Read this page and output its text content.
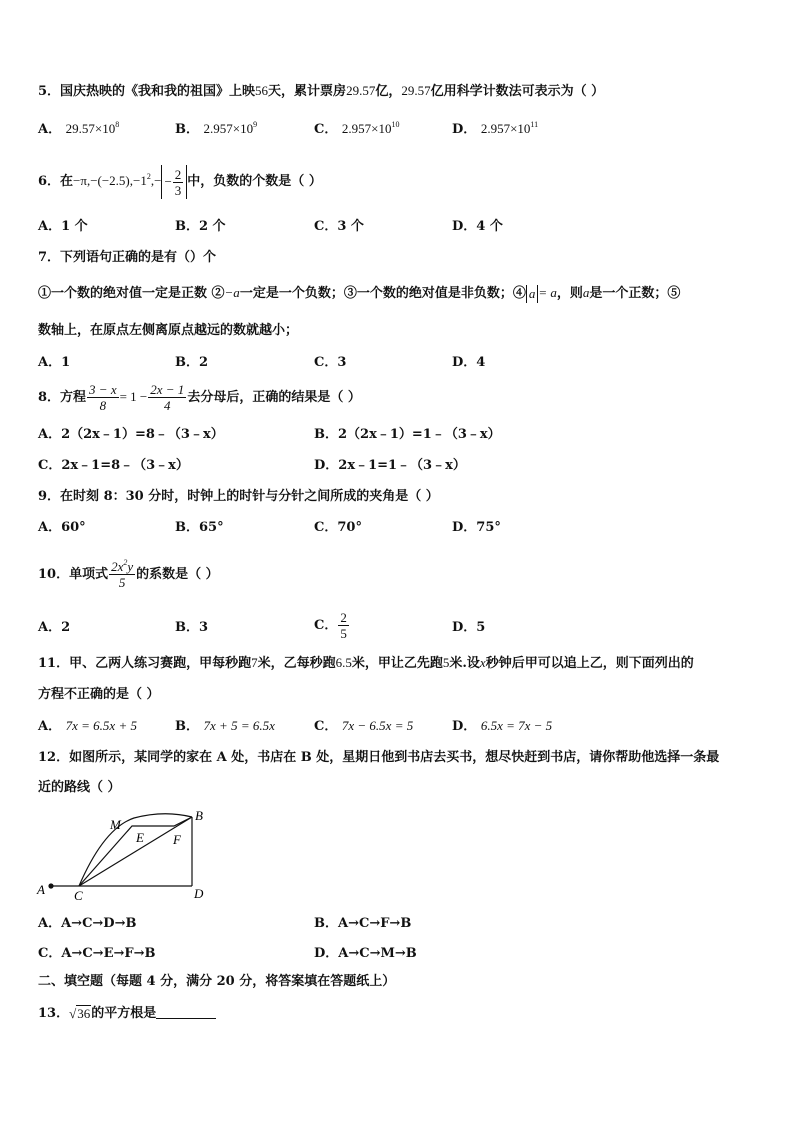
5．国庆热映的《我和我的祖国》上映56天，累计票房29.57亿，29.57亿用科学计数法可表示为（ ）
A． $29.57\times 10^8$	B． $2.957\times 10^9$	C． $2.957\times 10^{10}$	D． $2.957\times 10^{11}$
6．在$-\pi,-(-2.5),-1^2,- - \frac{2}{3}$ 中，负数的个数是（ ）
A．1 个	B．2 个	C．3 个	D．4 个
7．下列语句正确的是有（）个
①一个数的绝对值一定是正数 ②−a一定是一个负数；③一个数的绝对值是非负数；④ a = a，则a是一个正数；⑤
数轴上，在原点左侧离原点越远的数就越小；
A．1	B．2	C．3	D．4
8．方程 $\frac{3 - x}{8} = 1 - \frac{2x - 1}{4}$ 去分母后，正确的结果是（ ）
A．2（2x﹣1）=8﹣（3﹣x）	B．2（2x﹣1）=1﹣（3﹣x）
C．2x﹣1=8﹣（3﹣x）	D．2x﹣1=1﹣（3﹣x）
9．在时刻 8：30 分时，时钟上的时针与分针之间所成的夹角是（ ）
A．60°	B．65°	C．70°	D．75°
10．单项式 $\frac{2x^2y}{5}$ 的系数是（ ）
A．2	B．3	C． $\frac{2}{5}$	D．5
11．甲、乙两人练习赛跑，甲每秒跑7米，乙每秒跑6.5米，甲让乙先跑5米.设x秒钟后甲可以追上乙，则下面列出的
方程不正确的是（ ）
A． 7x = 6.5x + 5	B． 7x + 5 = 6.5x	C． 7x − 6.5x = 5	D． 6.5x = 7x − 5
12．如图所示，某同学的家在 A 处，书店在 B 处，星期日他到书店去买书，想尽快赶到书店，请你帮助他选择一条最
近的路线（ ）
M
E F
B
A C	D
A．A→C→D→B	B．A→C→F→B
C．A→C→E→F→B	D．A→C→M→B
二、填空题（每题 4 分，满分 20 分，将答案填在答题纸上）
13．√36的平方根是
